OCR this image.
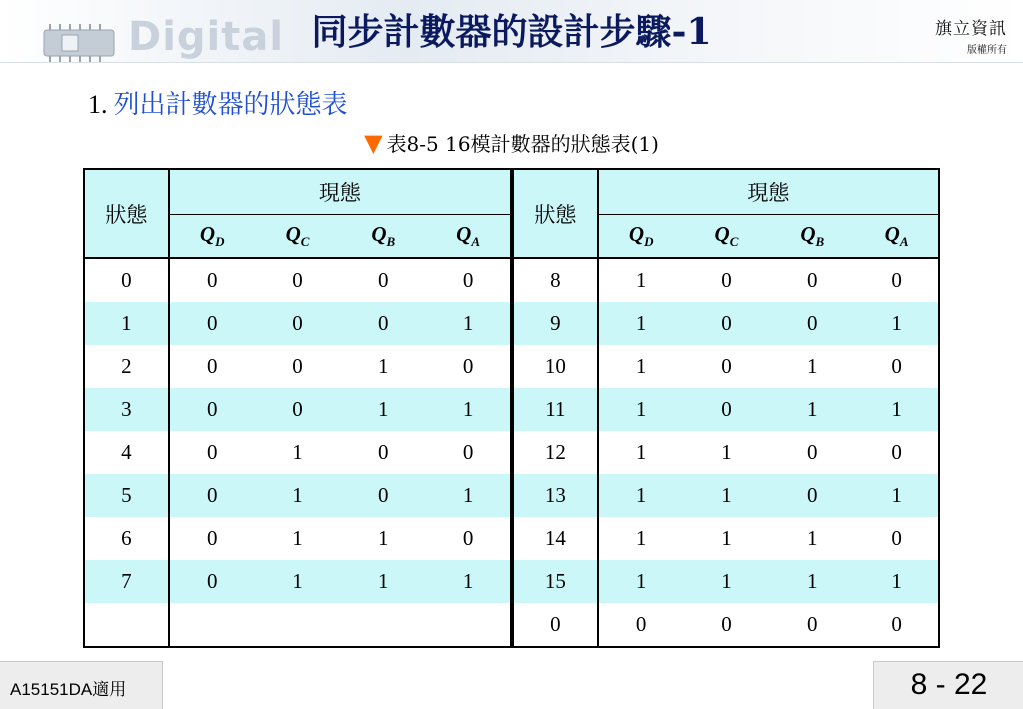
Digital 同步計數器的設計步驟-1	旗立資訊
版權所有
1. 列出計數器的狀態表
▼ 表8-5 16模計數器的狀態表(1)
狀態	現態				狀態	現態			
	$Q_D$	$Q_C$	$Q_B$	$Q_A$		$Q_D$	$Q_C$	$Q_B$	$Q_A$
0	0	0	0	0	8	1	0	0	0
1	0	0	0	1	9	1	0	0	1
2	0	0	1	0	10	1	0	1	0
3	0	0	1	1	11	1	0	1	1
4	0	1	0	0	12	1	1	0	0
5	0	1	0	1	13	1	1	0	1
6	0	1	1	0	14	1	1	1	0
7	0	1	1	1	15	1	1	1	1
					0	0	0	0	0
A15151DA適用	8 - 22
